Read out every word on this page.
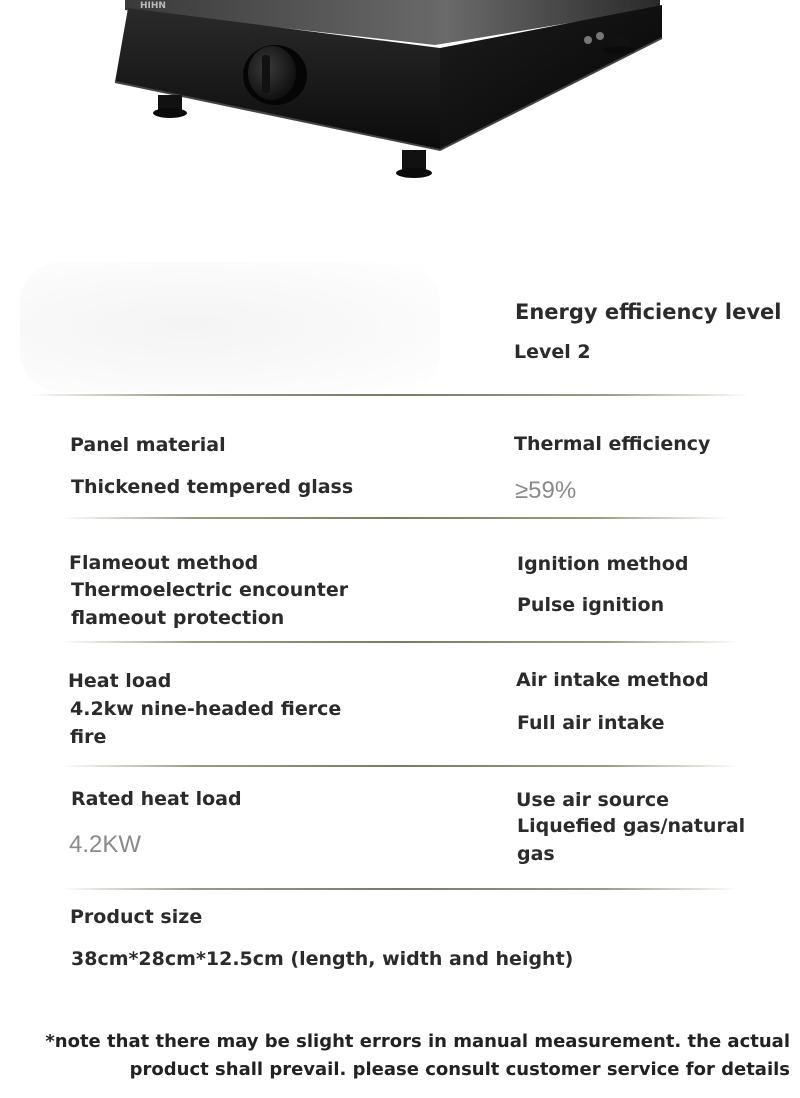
HIHN
Energy efficiency level
Level 2
Panel material
Thickened tempered glass
Thermal efficiency
≥59%
Flameout method
Thermoelectric encounter
flameout protection
Ignition method
Pulse ignition
Heat load
4.2kw nine-headed fierce
fire
Air intake method
Full air intake
Rated heat load
4.2KW
Use air source
Liquefied gas/natural
gas
Product size
38cm*28cm*12.5cm (length, width and height)
*note that there may be slight errors in manual measurement. the actual
product shall prevail. please consult customer service for details
